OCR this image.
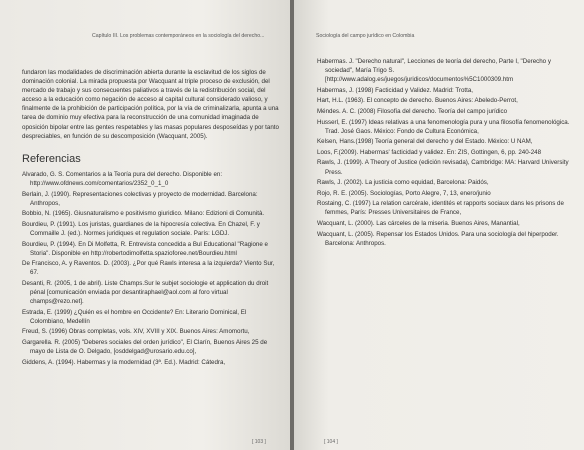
Capítulo III. Los problemas contemporáneos en la sociología del derecho...

fundaron las modalidades de discriminación abierta durante la esclavitud de los siglos de dominación colonial. La mirada propuesta por Wacquant al triple proceso de exclusión, del mercado de trabajo y sus consecuentes paliativos a través de la redistribución social, del acceso a la educación como negación de acceso al capital cultural considerado valioso, y finalmente de la prohibición de participación política, por la vía de criminalizarla, apunta a una tarea de dominio muy efectiva para la reconstrucción de una comunidad imaginada de oposición bipolar entre las gentes respetables y las masas populares desposeídas y por tanto despreciables, en función de su descomposición (Wacquant, 2005).

Referencias
Alvarado, G. S. Comentarios a la Teoría pura del derecho. Disponible en: http://www.ofdnews.com/comentarios/2352_0_1_0
Berlain, J. (1990). Representaciones colectivas y proyecto de modernidad. Barcelona: Anthropos,
Bobbio, N. (1965). Giusnaturalismo e positivismo giuridico. Milano: Edizioni di Comunità.
Bourdieu, P. (1991). Los juristas, guardianes de la hipocresía colectiva. En Chazel, F. y Commaille J. (ed.). Normes juridiques et regulation sociale. París: LGDJ.
Bourdieu, P. (1994). En Di Molfetta, R. Entrevista concedida a Bul Educational "Ragione e Storia". Disponible en http://robertodimolfetta.spazioforee.net/Bourdieu.html
De Francisco, A. y Raventos. D. (2003). ¿Por qué Rawls interesa a la izquierda? Viento Sur, 67.
Desanti, R. (2005, 1 de abril). Liste Champs.Sur le subjet sociologie et application du droit pénal [comunicación enviada por desantiraphael@aol.com al foro virtual champs@rezo.net].
Estrada, E. (1999) ¿Quién es el hombre en Occidente? En: Literario Dominical, El Colombiano, Medellín
Freud, S. (1996) Obras completas, vols. XIV, XVIII y XIX. Buenos Aires: Amomortu,
Gargarella. R. (2005) "Deberes sociales del orden jurídico", El Clarín, Buenos Aires 25 de mayo de Lista de O. Delgado, [osddelgad@urosario.edu.co],
Giddens, A. (1994). Habermas y la modernidad (3ª. Ed.). Madrid: Cátedra,
[ 103 ]
Sociología del campo jurídico en Colombia
Habermas. J. "Derecho natural", Lecciones de teoría del derecho, Parte I, "Derecho y sociedad", María Trigo S. [http://www.adalog.es/juegos/juridicos/documentos%5C1000309.htm
Habermas, J. (1998) Facticidad y Validez. Madrid: Trotta,
Hart, H.L. (1963). El concepto de derecho. Buenos Aires: Abeledo-Perrot,
Méndes. A. C. (2008) Filosofía del derecho. Teoría del campo jurídico
Husserl, E. (1997) Ideas relativas a una fenomenología pura y una filosofía fenomenológica. Trad. José Gaos. México: Fondo de Cultura Económica,
Kelsen, Hans.(1998) Teoría general del derecho y del Estado. México: U NAM,
Loos, F.(2009). Habermas' facticidad y validez. En: ZIS, Gottingen, 6, pp. 240-248
Rawls, J. (1999). A Theory of Justice (edición revisada), Cambridge: MA: Harvard University Press.
Rawls, J. (2002). La justicia como equidad, Barcelona: Paidós,
Rojo, R. E. (2005). Sociologías, Porto Alegre, 7, 13, enero/junio
Rostaing, C. (1997) La relation carcérale, identités et rapports sociaux dans les prisons de femmes, París: Presses Universitaires de France,
Wacquant, L. (2000). Las cárceles de la miseria. Buenos Aires, Manantial,
Wacquant, L. (2005). Repensar los Estados Unidos. Para una sociología del hiperpoder. Barcelona: Anthropos.
[ 104 ]
